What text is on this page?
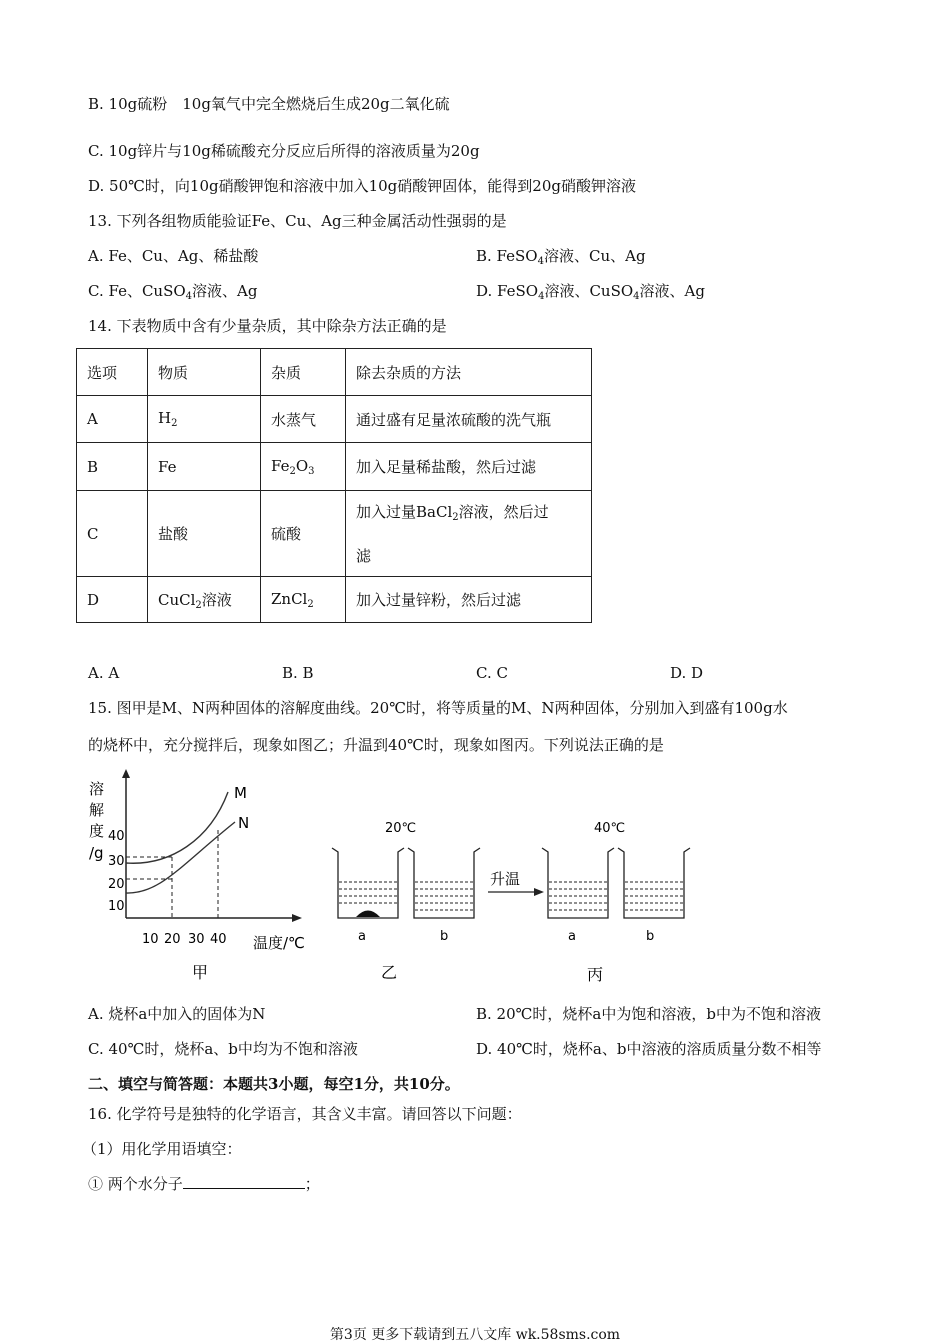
B. 10g硫粉　10g氧气中完全燃烧后生成20g二氧化硫
C. 10g锌片与10g稀硫酸充分反应后所得的溶液质量为20g
D. 50℃时，向10g硝酸钾饱和溶液中加入10g硝酸钾固体，能得到20g硝酸钾溶液
13. 下列各组物质能验证Fe、Cu、Ag三种金属活动性强弱的是
A. Fe、Cu、Ag、稀盐酸	B. FeSO$_4$溶液、Cu、Ag
C. Fe、CuSO$_4$溶液、Ag	D. FeSO$_4$溶液、CuSO$_4$溶液、Ag
14. 下表物质中含有少量杂质，其中除杂方法正确的是
选项	物质	杂质	除去杂质的方法
A	$H_2$	水蒸气	通过盛有足量浓硫酸的洗气瓶
B	Fe	$Fe_2O_3$	加入足量稀盐酸，然后过滤
C	盐酸	硫酸	加入过量BaCl$_2$溶液，然后过
滤
D	CuCl$_2$溶液	ZnCl$_2$	加入过量锌粉，然后过滤
A. A	B. B	C. C	D. D
15. 图甲是M、N两种固体的溶解度曲线。20℃时，将等质量的M、N两种固体，分别加入到盛有100g水
的烧杯中，充分搅拌后，现象如图乙；升温到40℃时，现象如图丙。下列说法正确的是
溶
解
度
/g
10
20
30
40
10 20 30 40 温度/℃
M
N
甲
20℃
a	b
乙
升温
40℃
a	b
丙
A. 烧杯a中加入的固体为N	B. 20℃时，烧杯a中为饱和溶液，b中为不饱和溶液
C. 40℃时，烧杯a、b中均为不饱和溶液	D. 40℃时，烧杯a、b中溶液的溶质质量分数不相等
二、填空与简答题：本题共3小题，每空1分，共10分。
16. 化学符号是独特的化学语言，其含义丰富。请回答以下问题：
（1）用化学用语填空：
① 两个水分子	；
第3页 更多下载请到五八文库 wk.58sms.com
